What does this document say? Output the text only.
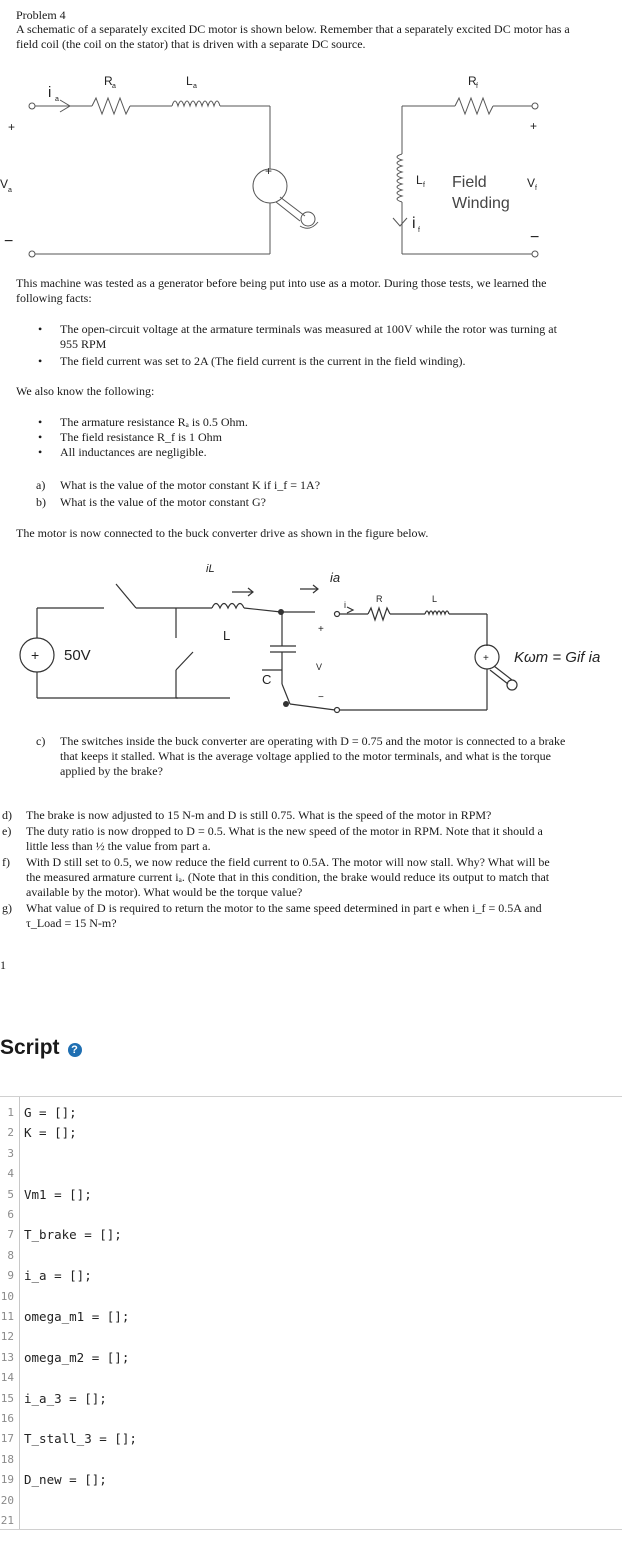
Problem 4
A schematic of a separately excited DC motor is shown below. Remember that a separately excited DC motor has a field coil (the coil on the stator) that is driven with a separate DC source.
+
V a
−
i a
R a	L a
+
R f
+
V f
−
L f Field
Winding
i f
This machine was tested as a generator before being put into use as a motor. During those tests, we learned the following facts:
• The open-circuit voltage at the armature terminals was measured at 100V while the rotor was turning at 955 RPM
• The field current was set to 2A (The field current is the current in the field winding).
We also know the following:
• The armature resistance Rₐ is 0.5 Ohm.
• The field resistance R_f is 1 Ohm
• All inductances are negligible.
a) What is the value of the motor constant K if i_f = 1A?
b) What is the value of the motor constant G?
The motor is now connected to the buck converter drive as shown in the figure below.
+ 50V
iL
L
C
ia
+
V
−
i
R	L
+ Kωm = Gif ia
c) The switches inside the buck converter are operating with D = 0.75 and the motor is connected to a brake that keeps it stalled. What is the average voltage applied to the motor terminals, and what is the torque applied by the brake?
d) The brake is now adjusted to 15 N-m and D is still 0.75. What is the speed of the motor in RPM?
e) The duty ratio is now dropped to D = 0.5. What is the new speed of the motor in RPM. Note that it should a little less than ½ the value from part a.
f) With D still set to 0.5, we now reduce the field current to 0.5A. The motor will now stall. Why? What will be the measured armature current iₐ. (Note that in this condition, the brake would reduce its output to match that available by the motor). What would be the torque value?
g) What value of D is required to return the motor to the same speed determined in part e when i_f = 0.5A and τ_Load = 15 N-m?
1
Script ?
1 G = [];
2 K = [];
3
4
5 Vm1 = [];
6
7 T_brake = [];
8
9 i_a = [];
10
11 omega_m1 = [];
12
13 omega_m2 = [];
14
15 i_a_3 = [];
16
17 T_stall_3 = [];
18
19 D_new = [];
20
21
